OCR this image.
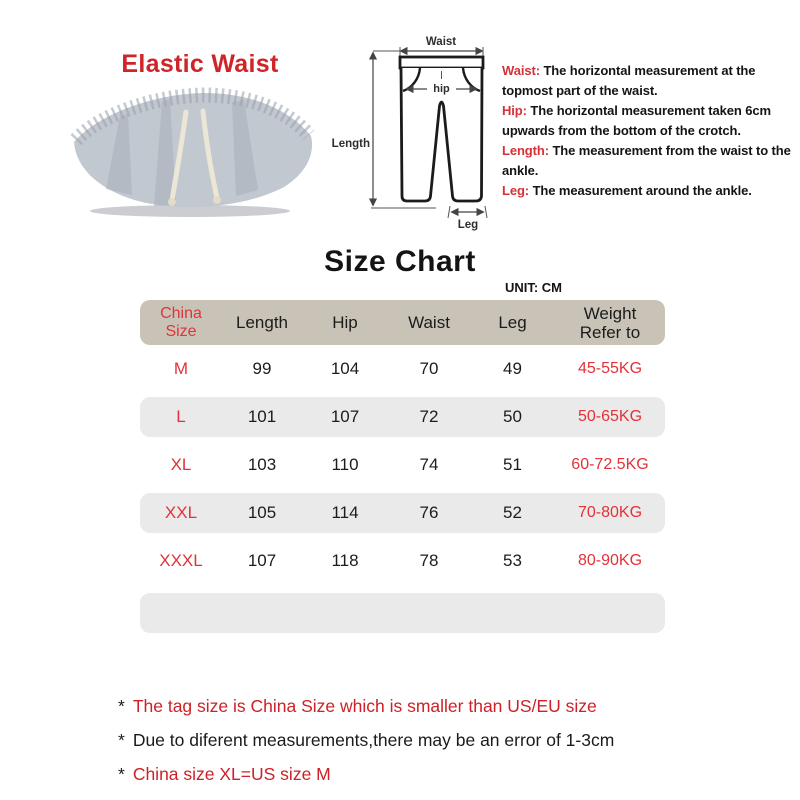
Elastic Waist
Waist
hip
Length
Leg

Waist: The horizontal measurement at the topmost part of the waist.

Hip: The horizontal measurement taken 6cm upwards from the bottom of the crotch.

Length: The measurement from the waist to the ankle.

Leg: The measurement around the ankle.

Size Chart
UNIT: CM
China Size	Length	Hip	Waist	Leg	Weight Refer to
M	99	104	70	49	45-55KG
L	101	107	72	50	50-65KG
XL	103	110	74	51	60-72.5KG
XXL	105	114	76	52	70-80KG
XXXL	107	118	78	53	80-90KG
* The tag size is China Size which is smaller than US/EU size
* Due to diferent measurements,there may be an error of 1-3cm
* China size XL=US size M
